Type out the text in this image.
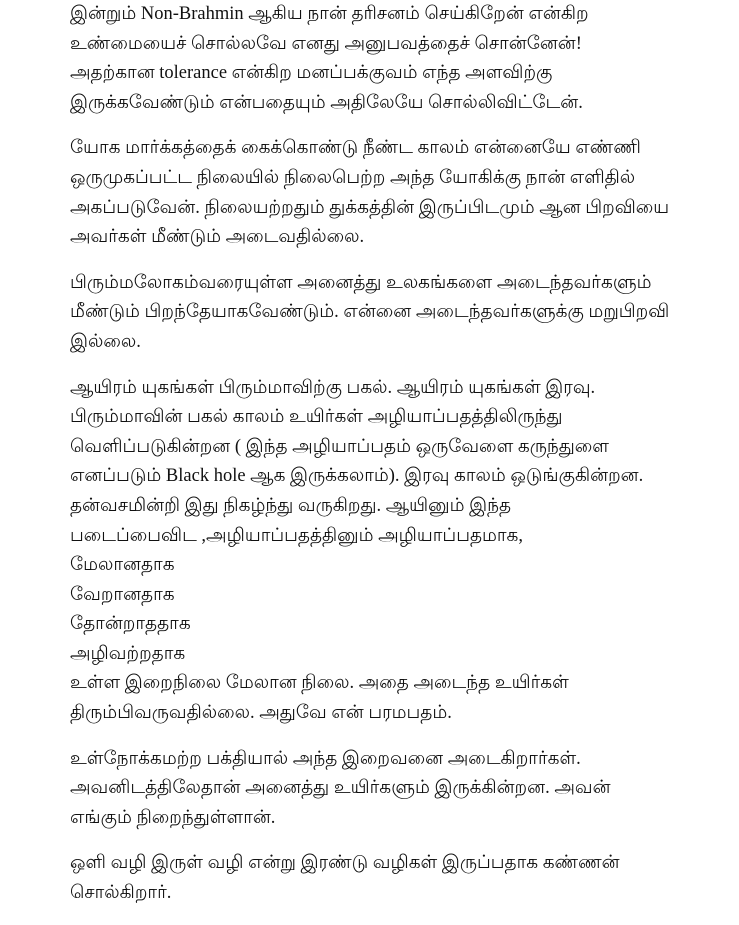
இன்றும் Non-Brahmin ஆகிய நான் தரிசனம் செய்கிறேன் என்கிற
உண்மையைச் சொல்லவே எனது அனுபவத்தைச் சொன்னேன்!
அதற்கான tolerance என்கிற மனப்பக்குவம் எந்த அளவிற்கு
இருக்கவேண்டும் என்பதையும் அதிலேயே சொல்லிவிட்டேன்.

யோக மார்க்கத்தைக் கைக்கொண்டு நீண்ட காலம் என்னையே எண்ணி
ஒருமுகப்பட்ட நிலையில் நிலைபெற்ற அந்த யோகிக்கு நான் எளிதில்
அகப்படுவேன். நிலையற்றதும் துக்கத்தின் இருப்பிடமும் ஆன பிறவியை
அவர்கள் மீண்டும் அடைவதில்லை.

பிரும்மலோகம்வரையுள்ள அனைத்து உலகங்களை அடைந்தவர்களும்
மீண்டும் பிறந்தேயாகவேண்டும். என்னை அடைந்தவர்களுக்கு மறுபிறவி
இல்லை.

ஆயிரம் யுகங்கள் பிரும்மாவிற்கு பகல். ஆயிரம் யுகங்கள் இரவு.
பிரும்மாவின் பகல் காலம் உயிர்கள் அழியாப்பதத்திலிருந்து
வெளிப்படுகின்றன ( இந்த அழியாப்பதம் ஒருவேளை கருந்துளை
எனப்படும் Black hole ஆக இருக்கலாம்). இரவு காலம் ஒடுங்குகின்றன.
தன்வசமின்றி இது நிகழ்ந்து வருகிறது. ஆயினும் இந்த
படைப்பைவிட ,அழியாப்பதத்தினும் அழியாப்பதமாக,
மேலானதாக
வேறானதாக
தோன்றாததாக
அழிவற்றதாக
உள்ள இறைநிலை மேலான நிலை. அதை அடைந்த உயிர்கள்
திரும்பிவருவதில்லை. அதுவே என் பரமபதம்.

உள்நோக்கமற்ற பக்தியால் அந்த இறைவனை அடைகிறார்கள்.
அவனிடத்திலேதான் அனைத்து உயிர்களும் இருக்கின்றன. அவன்
எங்கும் நிறைந்துள்ளான்.

ஒளி வழி இருள் வழி என்று இரண்டு வழிகள் இருப்பதாக கண்ணன்
சொல்கிறார்.
